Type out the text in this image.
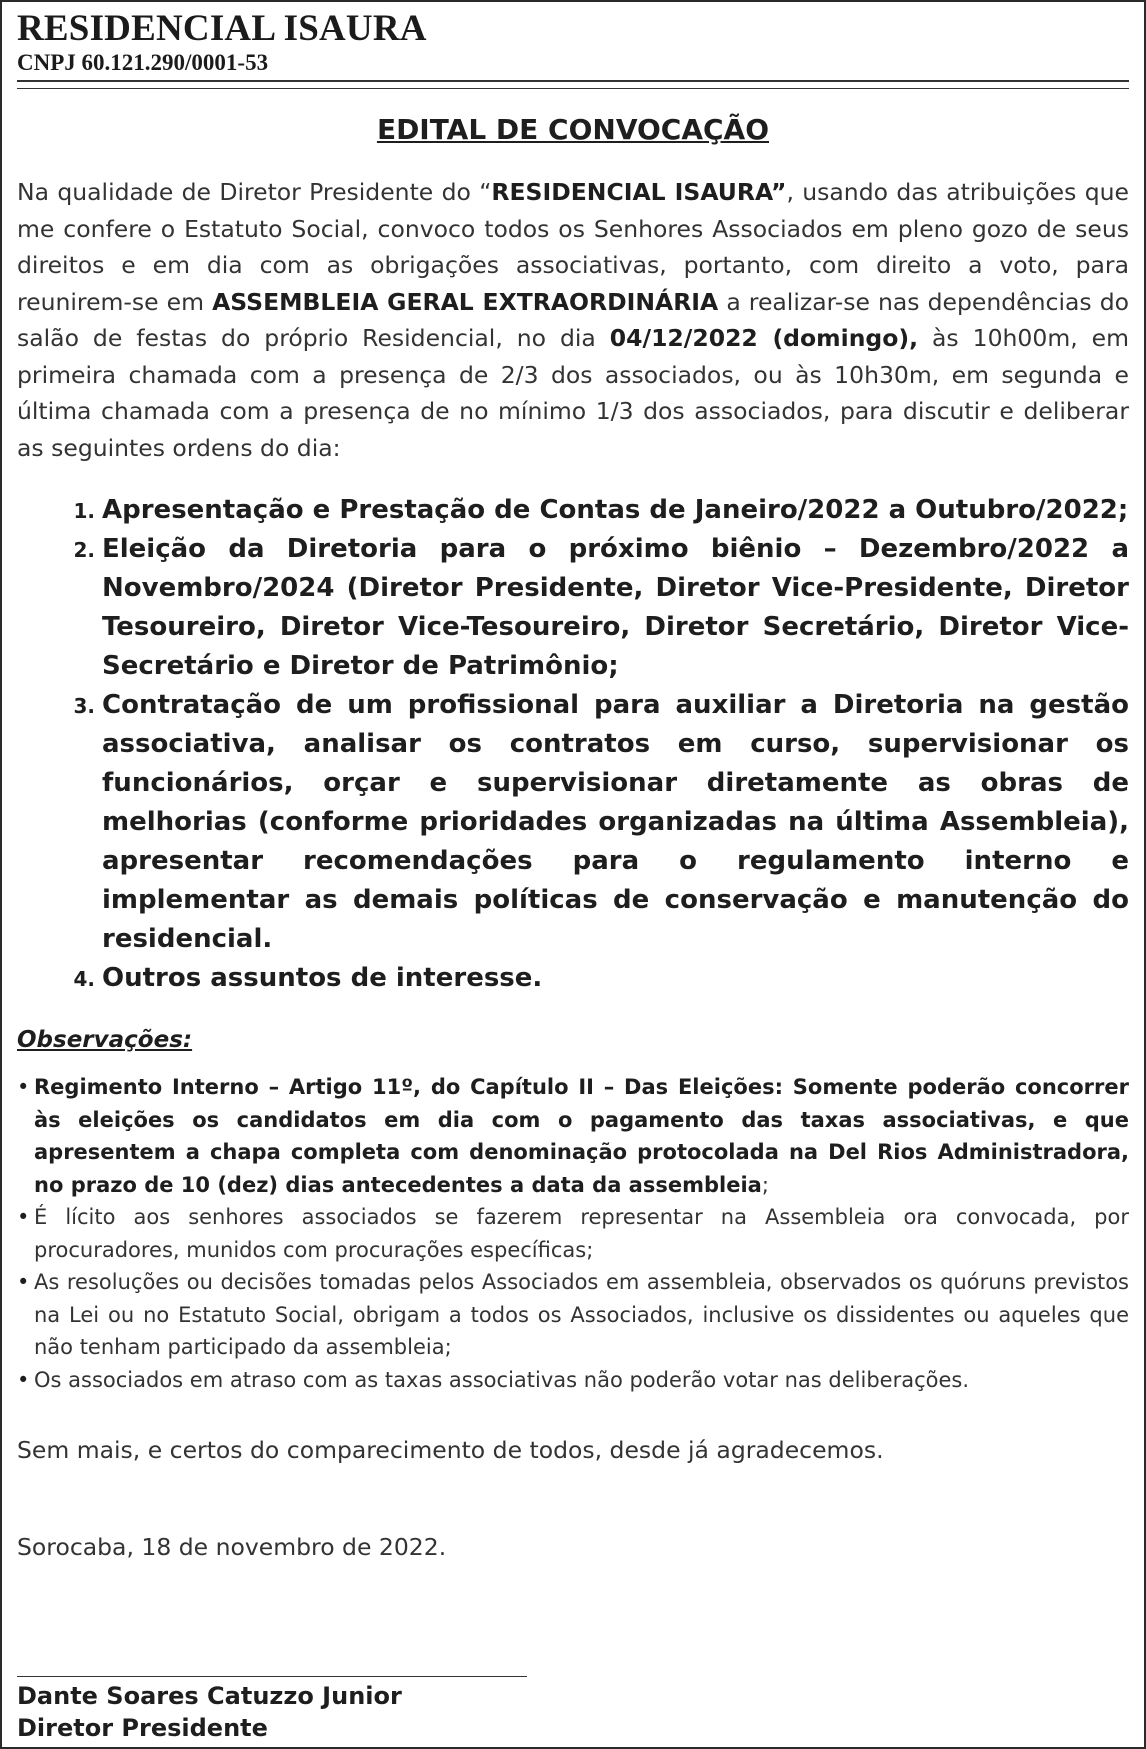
RESIDENCIAL ISAURA
CNPJ 60.121.290/0001-53
EDITAL DE CONVOCAÇÃO

Na qualidade de Diretor Presidente do “RESIDENCIAL ISAURA”, usando das atribuições que me confere o Estatuto Social, convoco todos os Senhores Associados em pleno gozo de seus direitos e em dia com as obrigações associativas, portanto, com direito a voto, para reunirem-se em ASSEMBLEIA GERAL EXTRAORDINÁRIA a realizar-se nas dependências do salão de festas do próprio Residencial, no dia 04/12/2022 (domingo), às 10h00m, em primeira chamada com a presença de 2/3 dos associados, ou às 10h30m, em segunda e última chamada com a presença de no mínimo 1/3 dos associados, para discutir e deliberar as seguintes ordens do dia:

1. Apresentação e Prestação de Contas de Janeiro/2022 a Outubro/2022;
2. Eleição da Diretoria para o próximo biênio – Dezembro/2022 a Novembro/2024 (Diretor Presidente, Diretor Vice-Presidente, Diretor Tesoureiro, Diretor Vice-Tesoureiro, Diretor Secretário, Diretor Vice-Secretário e Diretor de Patrimônio;
3. Contratação de um profissional para auxiliar a Diretoria na gestão associativa, analisar os contratos em curso, supervisionar os funcionários, orçar e supervisionar diretamente as obras de melhorias (conforme prioridades organizadas na última Assembleia), apresentar recomendações para o regulamento interno e implementar as demais políticas de conservação e manutenção do residencial.
4. Outros assuntos de interesse.
Observações:
• Regimento Interno – Artigo 11º, do Capítulo II – Das Eleições: Somente poderão concorrer às eleições os candidatos em dia com o pagamento das taxas associativas, e que apresentem a chapa completa com denominação protocolada na Del Rios Administradora, no prazo de 10 (dez) dias antecedentes a data da assembleia;
• É lícito aos senhores associados se fazerem representar na Assembleia ora convocada, por procuradores, munidos com procurações específicas;
• As resoluções ou decisões tomadas pelos Associados em assembleia, observados os quóruns previstos na Lei ou no Estatuto Social, obrigam a todos os Associados, inclusive os dissidentes ou aqueles que não tenham participado da assembleia;
• Os associados em atraso com as taxas associativas não poderão votar nas deliberações.

Sem mais, e certos do comparecimento de todos, desde já agradecemos.

Sorocaba, 18 de novembro de 2022.

Dante Soares Catuzzo Junior
Diretor Presidente
